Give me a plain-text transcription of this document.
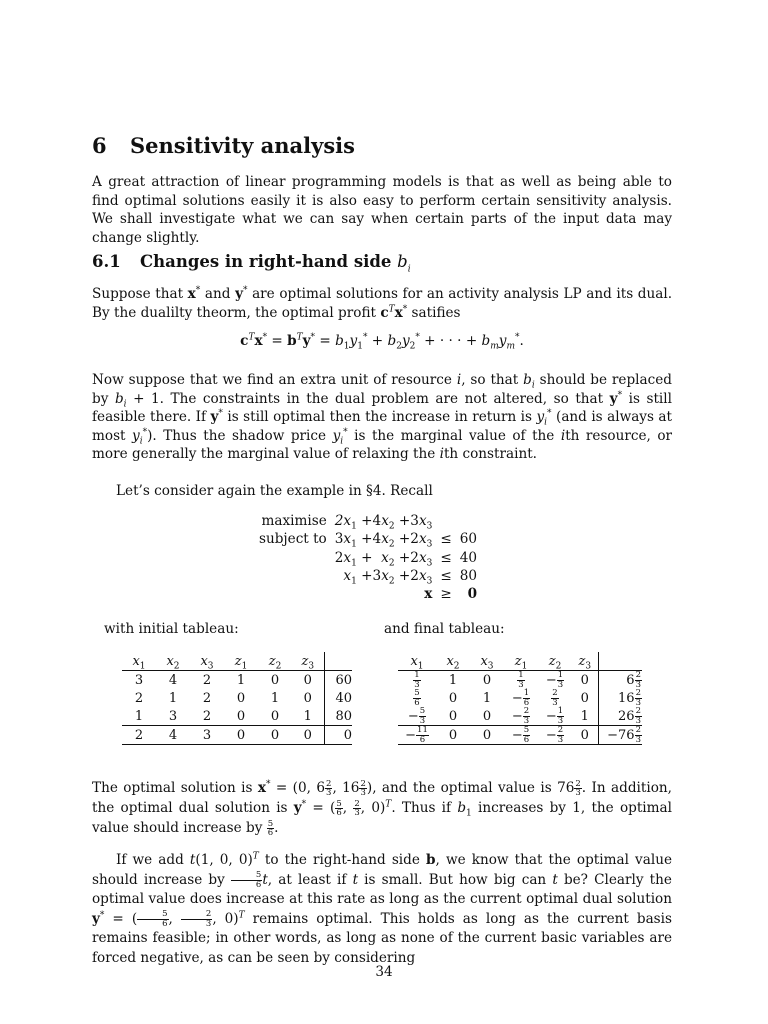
6 Sensitivity analysis
A great attraction of linear programming models is that as well as being able to find optimal solutions easily it is also easy to perform certain sensitivity analysis. We shall investigate what we can say when certain parts of the input data may change slightly.
6.1 Changes in right-hand side $b_i$
Suppose that x* and y* are optimal solutions for an activity analysis LP and its dual. By the dualilty theorm, the optimal profit $c^Tx^*$ satifies
$c^Tx^* = b^Ty^* = b_1y_1^* + b_2y_2^*$ + · · · + $b_my_m^*$.
Now suppose that we find an extra unit of resource i, so that $b_i$ should be replaced by $b_i + 1$. The constraints in the dual problem are not altered, so that y* is still feasible there. If y* is still optimal then the increase in return is $y_i^*$ (and is always at most $y_i^*$). Thus the shadow price $y_i^*$ is the marginal value of the ith resource, or more generally the marginal value of relaxing the ith constraint.
Let’s consider again the example in §4. Recall
maximise	$2x_1 +4x_2 +3x_3$		
subject to	$3x_1 +4x_2 +2x_3$	≤	60
	$2x_1 + x_2 +2x_3$	≤	40
	$x_1 +3x_2 +2x_3$	≤	80
	x	≥	0
with initial tableau:	and final tableau:
$x_1$	$x_2$	$x_3$	$z_1$	$z_2$	$z_3$	
3	4	2	1	0	0	60
2	1	2	0	1	0	40
1	3	2	0	0	1	80
2	4	3	0	0	0	0
$x_1$	$x_2$	$x_3$	$z_1$	$z_2$	$z_3$	

$\frac{1}{3}$	1	0	$\frac{1}{3}$	− $\frac{1}{3}$	0	$6 \frac{2}{3}$

$\frac{5}{6}$	0	1	− $\frac{1}{6}$	$\frac{2}{3}$	0	$16 \frac{2}{3}$

− $\frac{5}{3}$	0	0	− $\frac{2}{3}$	− $\frac{1}{3}$	1	$26 \frac{2}{3}$

− $\frac{11}{6}$	0	0	− $\frac{5}{6}$	− $\frac{2}{3}$	0	$-76 \frac{2}{3}$
The optimal solution is x* = (0, $6 \frac{2}{3}$ , $16 \frac{2}{3}$ ), and the optimal value is $76 \frac{2}{3}$ . In addition, the optimal dual solution is y* = ( $\frac{5}{6}$ , $\frac{2}{3}$ , 0)$^T$. Thus if $b_1$ increases by 1, the optimal value should increase by $\frac{5}{6}$ .
If we add t(1, 0, 0)$^T$ to the right-hand side b, we know that the optimal value should increase by $\frac{5}{6} t$, at least if t is small. But how big can t be? Clearly the optimal value does increase at this rate as long as the current optimal dual solution y* = ( $\frac{5}{6}$ , $\frac{2}{3}$ , 0)$^T$ remains optimal. This holds as long as the current basis remains feasible; in other words, as long as none of the current basic variables are forced negative, as can be seen by considering
34
